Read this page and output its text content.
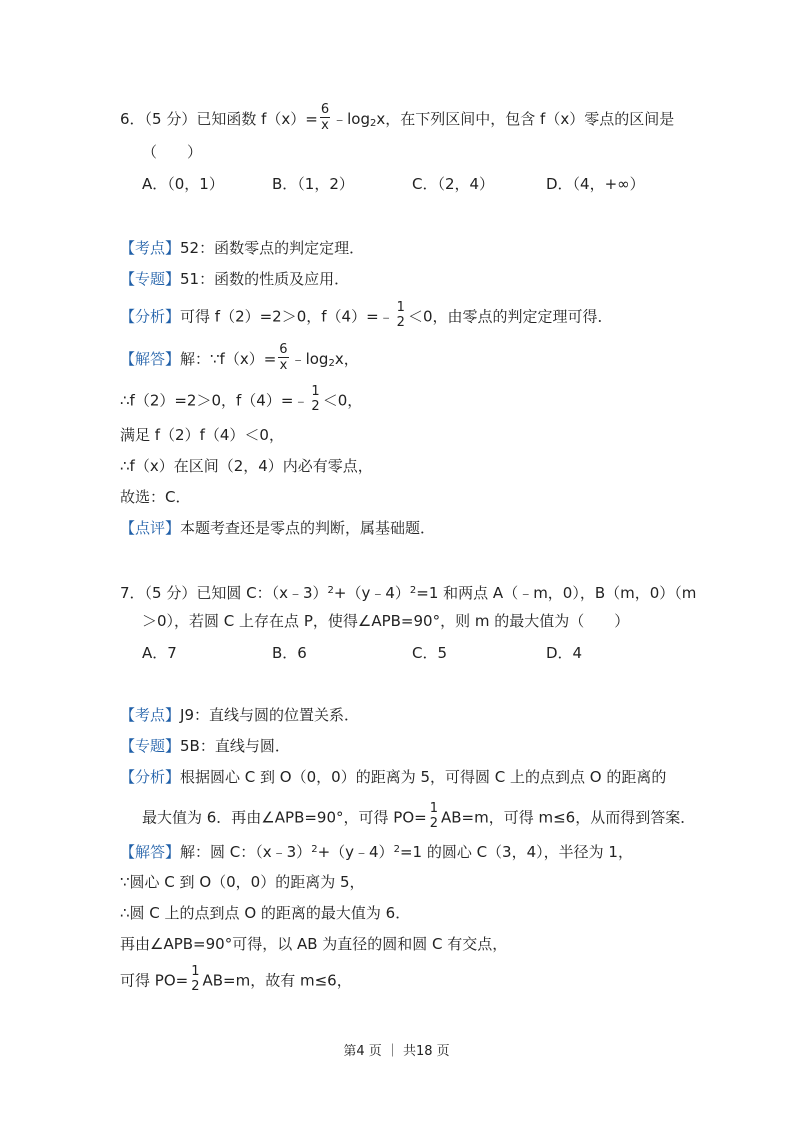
6．（5 分）已知函数 $f(x)= \frac{6}{x}$ $﹣\log_2x$，在下列区间中，包含 f（x）零点的区间是
（　　）
A．（0，1）	B．（1，2）	C．（2，4）	D．（4，+∞）
【考点】52：函数零点的判定定理．
【专题】51：函数的性质及应用．
【分析】可得 f（2）=2＞0，f（4）=﹣ 1
2 ＜0，由零点的判定定理可得．
【解答】解：∵f（x）= $\frac{6}{x}$ $﹣\log_2x$，
∴f（2）=2＞0，f（4）=﹣ 1
2 ＜0，
满足 f（2）f（4）＜0，
∴f（x）在区间（2，4）内必有零点，
故选：C．
【点评】本题考查还是零点的判断，属基础题．
7．（5 分）已知圆 C：（x﹣3）$^2$+（y﹣4）$^2$=1 和两点 A（﹣m，0），B（m，0）（m
＞0），若圆 C 上存在点 P，使得∠APB=90°，则 m 的最大值为（　　）
A．7	B．6	C．5	D．4
【考点】J9：直线与圆的位置关系．
【专题】5B：直线与圆．
【分析】根据圆心 C 到 O（0，0）的距离为 5，可得圆 C 上的点到点 O 的距离的
最大值为 6．再由∠APB=90°，可得 PO= 1
2 AB=m，可得 m≤6，从而得到答案．
【解答】解：圆 C：（x﹣3）$^2$+（y﹣4）$^2$=1 的圆心 C（3，4），半径为 1，
∵圆心 C 到 O（0，0）的距离为 5，
∴圆 C 上的点到点 O 的距离的最大值为 6．
再由∠APB=90°可得，以 AB 为直径的圆和圆 C 有交点，
可得 PO= 1
2 AB=m，故有 m≤6，
第4 页 ｜ 共18 页
